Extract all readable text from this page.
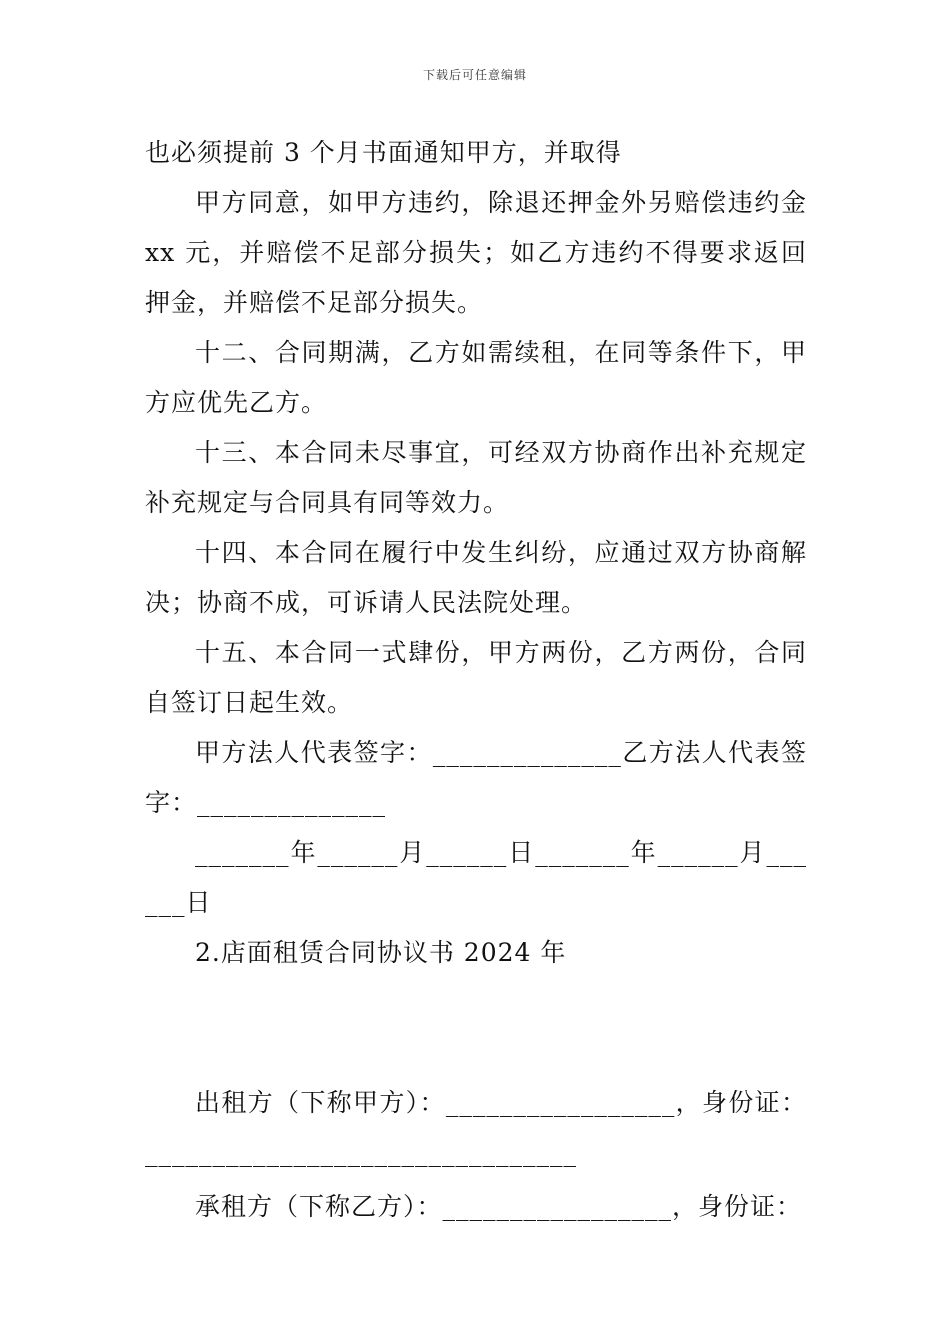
下载后可任意编辑

也必须提前 3 个月书面通知甲方，并取得

甲方同意，如甲方违约，除退还押金外另赔偿违约金 xx 元，并赔偿不足部分损失；如乙方违约不得要求返回押金，并赔偿不足部分损失。

十二、合同期满，乙方如需续租，在同等条件下，甲方应优先乙方。

十三、本合同未尽事宜，可经双方协商作出补充规定补充规定与合同具有同等效力。

十四、本合同在履行中发生纠纷，应通过双方协商解决；协商不成，可诉请人民法院处理。

十五、本合同一式肆份，甲方两份，乙方两份，合同自签订日起生效。

甲方法人代表签字：______________乙方法人代表签字：______________

_______年______月______日_______年______月______日

2.店面租赁合同协议书 2024 年

出租方（下称甲方）：_________________，身份证：________________________________

承租方（下称乙方）：_________________，身份证：
